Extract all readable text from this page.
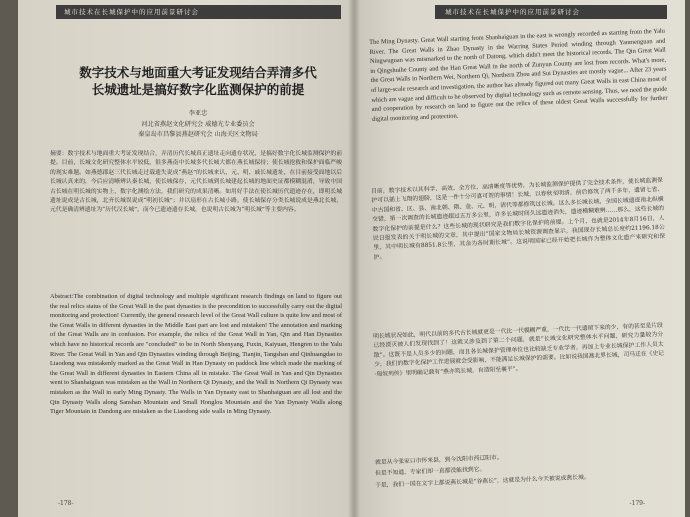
城市技术在长城保护中的应用前景研讨会
数字技术与地面重大考证发现结合弄清多代
长城遗址是搞好数字化监测保护的前提
李亚忠
河北省燕赵文化研究会 威德光专业委员会
秦皇岛市昌黎县燕赵研究会 山海关区文物局
摘要：数字技术与地面重大考证发现结合，弄清历代长城真正遗址走向遗存状况，是搞好数字化长城监测保护的前提。目前，长城文化研究整体水平较低，很多燕南中长城多代长城大都在燕长城保持；使长城抢救和保护面临严峻的现实难题。如燕德郡赵三代长城走过载遗失说成“燕赵”的长城来认，元、明、戚长城遗址，在目前接受面地以后长城认真来的，今后应清晰辨认秦长城，使长城保存，元代长城到长城建起长城的地面史证都模糊混淆，导致中国古长城在明长城的实物上，数字化测绘方法，我们研究的成果清晰。如用好手法在使长城历代遗迹存在，即明长城遗址说成是古长城，北齐长城误说成“明初长城”；并以扇形在古长城小路，使长城保存分类长城说成是燕北长城，元代是确清辨遗址为“历代汉长城”，而今已遗迹遗存长城，也说明古长城为“明长城”等主要内容。
Abstract:The combination of digital technology and multiple significant research findings on land to figure out the real relics status of the Great Wall in the past dynasties is the precondition to successfully carry out the digital monitoring and protection! Currently, the general research level of the Great Wall culture is quite low and most of the Great Walls in different dynasties in the Middle East part are lost and mistaken! The annotation and marking of the Great Walls are in confusion. For example, the relics of the Great Wall in Yan, Qin and Han Dynasties which have no historical records are "concluded" to be in North Shenyang, Fuxin, Kaiyuan, Hengren to the Yalu River. The Great Wall in Yan and Qin Dynasties winding through Beijing, Tianjin, Tangshan and Qinhuangdao to Liaodong was mistakenly marked as the Great Wall in Han Dynasty on paddock line which made the marking of the Great Wall in different dynasties in Eastern China all in mistake. The Great Wall in Yan and Qin Dynasties went to Shanhaiguan was mistaken as the Wall in Northern Qi Dynasty, and the Wall in Northern Qi Dynasty was mistaken as the Wall in early Ming Dynasty. The Walls in Yan Dynasty east to Shanhaiguan are all lost and the Qin Dynasty Walls along Sanshan Mountain and Small Honglou Mountain and the Yan Dynasty Walls along Tiger Mountain in Dandong are mistaken as the Liaodong side walls in Ming Dynasty.
-178-
城市技术在长城保护中的应用前景研讨会
The Ming Dynasty. Great Wall starting from Shanhaiguan in the east is wrongly recorded as starting from the Yalu River. The Great Walls in Zhao Dynasty in the Warring States Period winding through Yanmenguan and Ningwuguan was mismarked to the north of Datong, which didn't meet the historical records. The Qin Great Wall in Qingshuihe County and the Han Great Wall in the north of Zunyun County are lost from records. What's more, the Great Walls in Northern Wei, Northern Qi, Northern Zhou and Sui Dynasties are mostly vague... After 23 years of large-scale research and investigation, the author has already figured out many Great Walls in east China most of which are vague and difficult to be observed by digital technology such as remote sensing. Thus, we need the guide and cooperation by research on land to figure out the relics of these oldest Great Walls successfully for further digital monitoring and protection.
目前，数字技术以其科学、高效、全方位、高清晰度等优势，为长城监测保护提供了完全技术条件，使长城监测保护可以插上飞翔的翅膀，这是一件十分可喜可贺的事情！长城，以春秋至明清，前后修筑了两千多年，遗留七省、中古国和省、区、县、南北朝、隋、金、元、明，清代等都修筑过长城。这么多长城长城，全国长城遗迹南北纵横交错，第一次调查的长城遗迹超过五万多公里，许多长城时间久远遗迹消失，遗迹模糊难辨……那么，这些长城的数字化保护的前提是什么？这些长城的现状研究是我们数字化保护的前提。上个月，也就是2014年8月16日，人民日报发表的关于明长城的文章，其中提出“国家文物局长城资源调查显示，我国现存长城总长度约21196.18公里，其中明长城有8851.8公里，其余为各时期长城”。这说明国家已经开始把长城作为整体文化遗产来研究和保护。
明长城状况如此，明代以前的多代古长城就更是一代比一代模糊严重，一代比一代遗留下来的少，有的甚至是片段已经湮灭被人们发现找到了！这就又涉及到了第二个问题，就是“长城文化研究整体水平问题，研究力量较为分散”。这既不是人员多少的问题，而且各长城保护管理单位也比较缺乏专业学者，再加上专业长城保护工作人员太少，我们的数字化保护工作进展就会受影响，不能满足长城保护的需要。比如说我国燕北界长城，司马迁在《史记·匈奴列传》里明确记载有“燕亦筑长城，自造阳至襄平”。
就是从今张家口市怀来县，到今沈阳市西辽阳市。
但是不知道，专家们却一直都没能找到它。
于是，我们一国在文字上都说燕长城是“谷燕长”，这就是为什么今天被说成燕长城。
-179-
